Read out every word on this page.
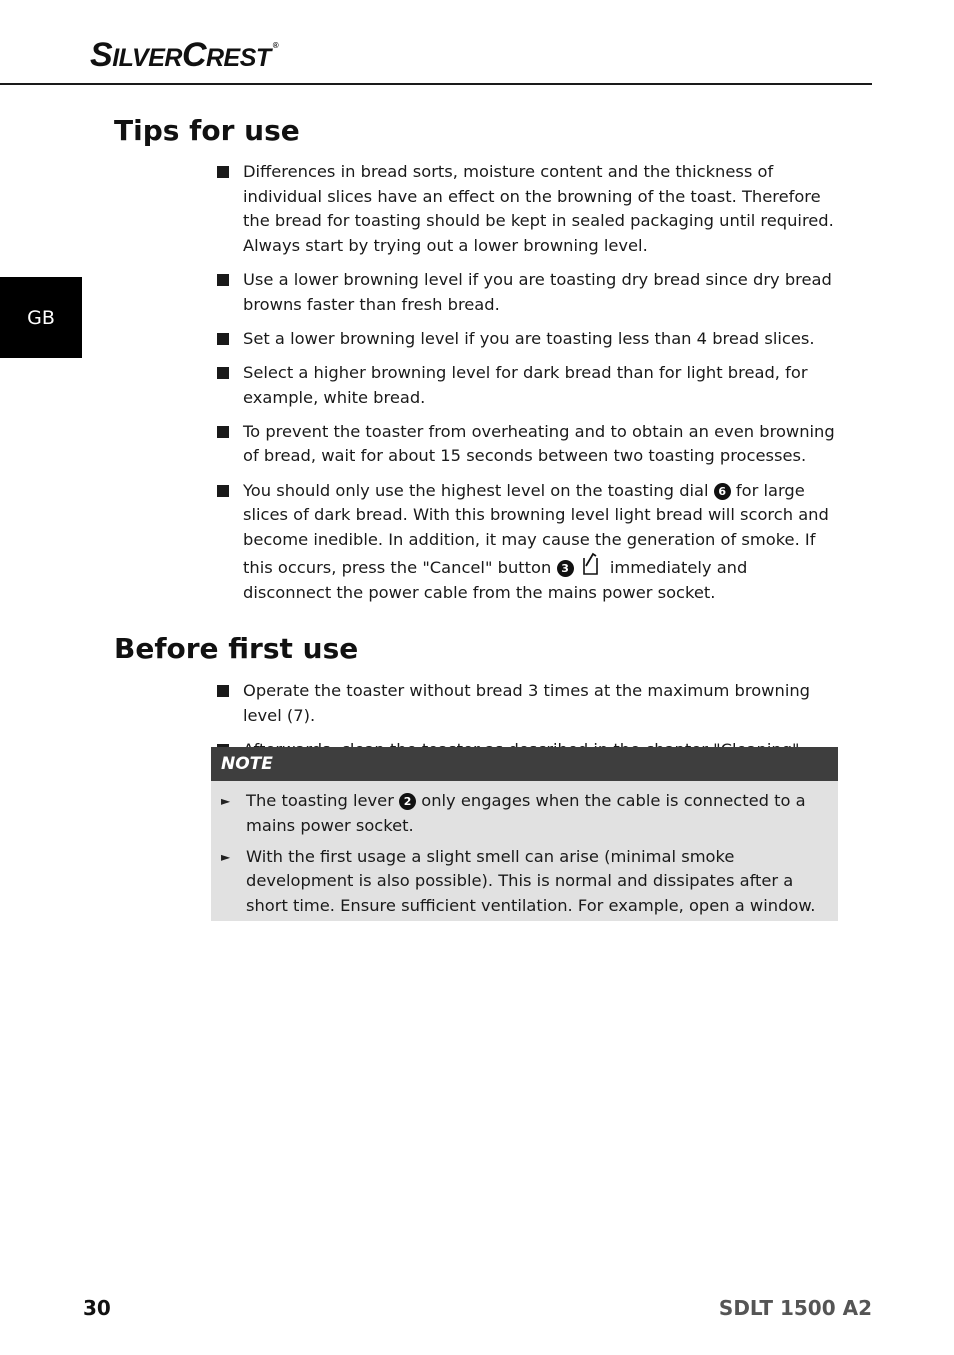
SILVERCREST ®
GB
Tips for use
Differences in bread sorts, moisture content and the thickness of individual slices have an effect on the browning of the toast. Therefore the bread for toasting should be kept in sealed packaging until required. Always start by trying out a lower browning level.
Use a lower browning level if you are toasting dry bread since dry bread browns faster than fresh bread.
Set a lower browning level if you are toasting less than 4 bread slices.
Select a higher browning level for dark bread than for light bread, for example, white bread.
To prevent the toaster from overheating and to obtain an even browning of bread, wait for about 15 seconds between two toasting processes.
You should only use the highest level on the toasting dial 6 for large slices of dark bread. With this browning level light bread will scorch and become inedible. In addition, it may cause the generation of smoke. If this occurs, press the "Cancel" button 3  immediately and disconnect the power cable from the mains power socket.
Before first use
Operate the toaster without bread 3 times at the maximum browning level (7).
NOTE
► The toasting lever 2 only engages when the cable is connected to a mains power socket.
► With the first usage a slight smell can arise (minimal smoke development is also possible). This is normal and dissipates after a short time. Ensure sufficient ventilation. For example, open a window.
30	SDLT 1500 A2
